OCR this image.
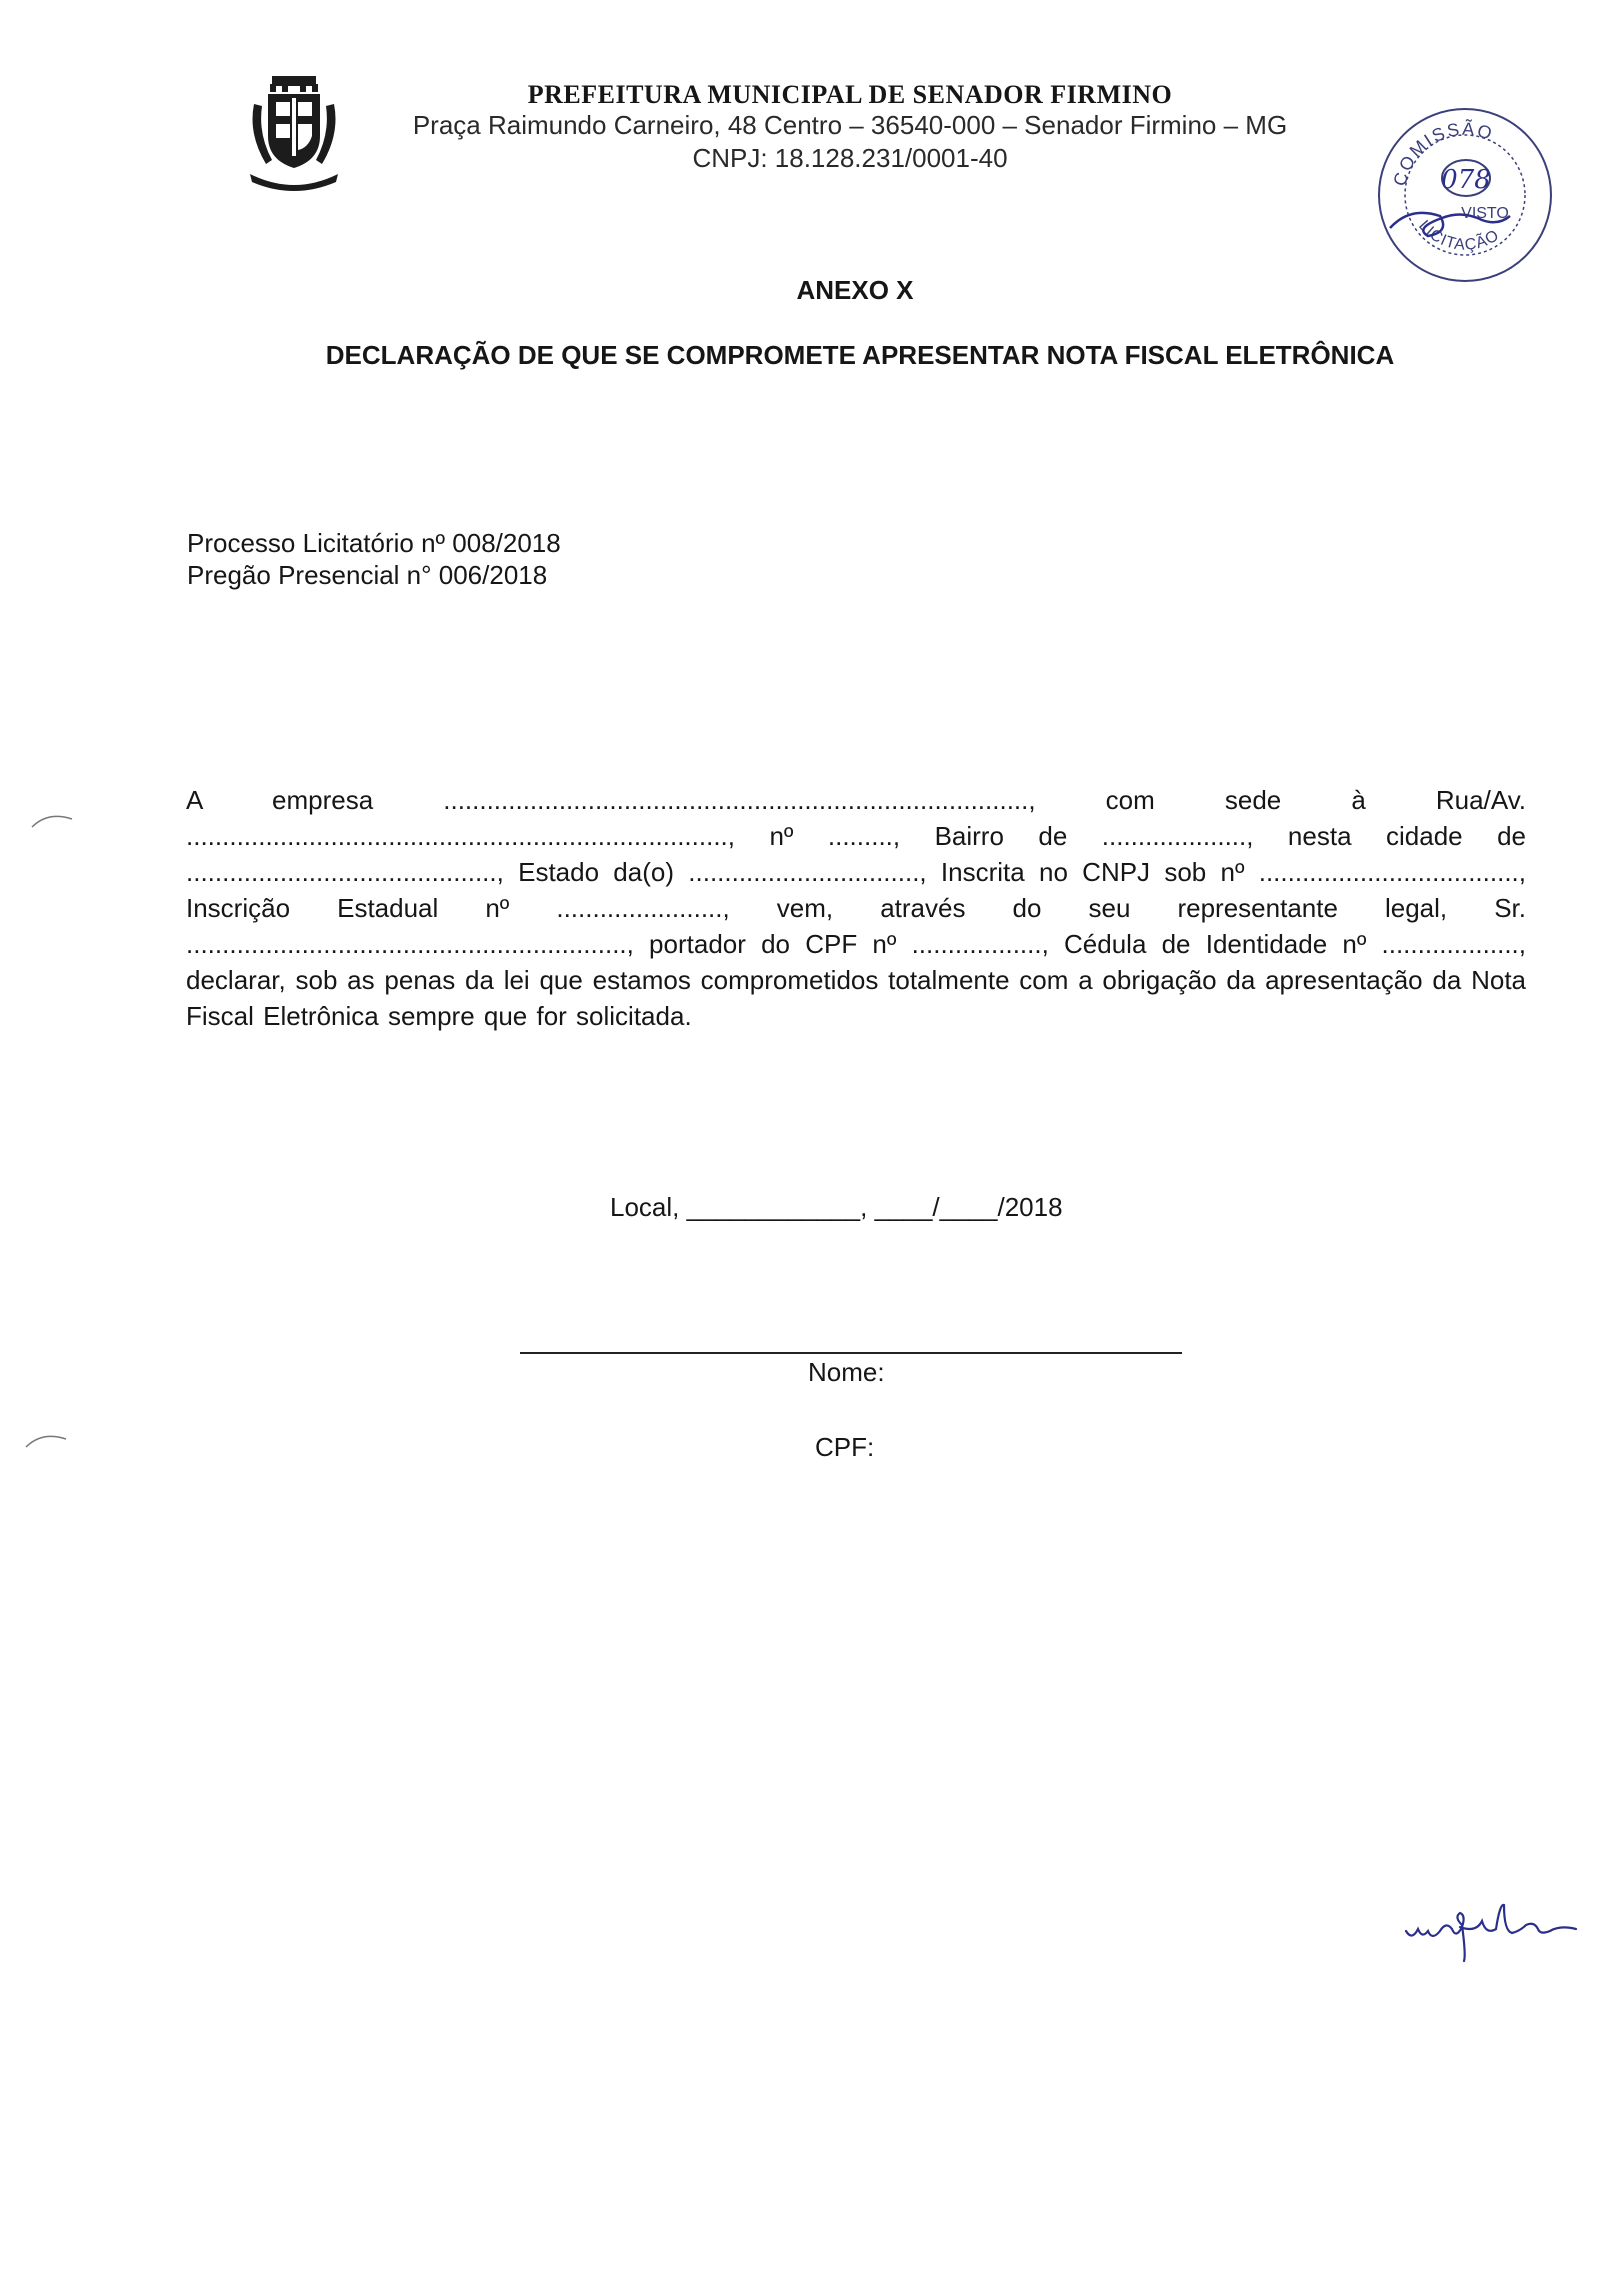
PREFEITURA MUNICIPAL DE SENADOR FIRMINO
Praça Raimundo Carneiro, 48 Centro – 36540-000 – Senador Firmino – MG
CNPJ: 18.128.231/0001-40
COMISSÃO
LICITAÇÃO
078
VISTO
ANEXO X
DECLARAÇÃO DE QUE SE COMPROMETE APRESENTAR NOTA FISCAL ELETRÔNICA
Processo Licitatório nº 008/2018
Pregão Presencial n° 006/2018
A empresa ................................................................................., com sede à Rua/Av. ..........................................................................., nº ........., Bairro de ...................., nesta cidade de ..........................................., Estado da(o) ................................, Inscrita no CNPJ sob nº ...................................., Inscrição Estadual nº ......................., vem, através do seu representante legal, Sr. ............................................................., portador do CPF nº .................., Cédula de Identidade nº ..................., declarar, sob as penas da lei que estamos comprometidos totalmente com a obrigação da apresentação da Nota Fiscal Eletrônica sempre que for solicitada.
Local, ____________, ____/____/2018
Nome:
CPF:
